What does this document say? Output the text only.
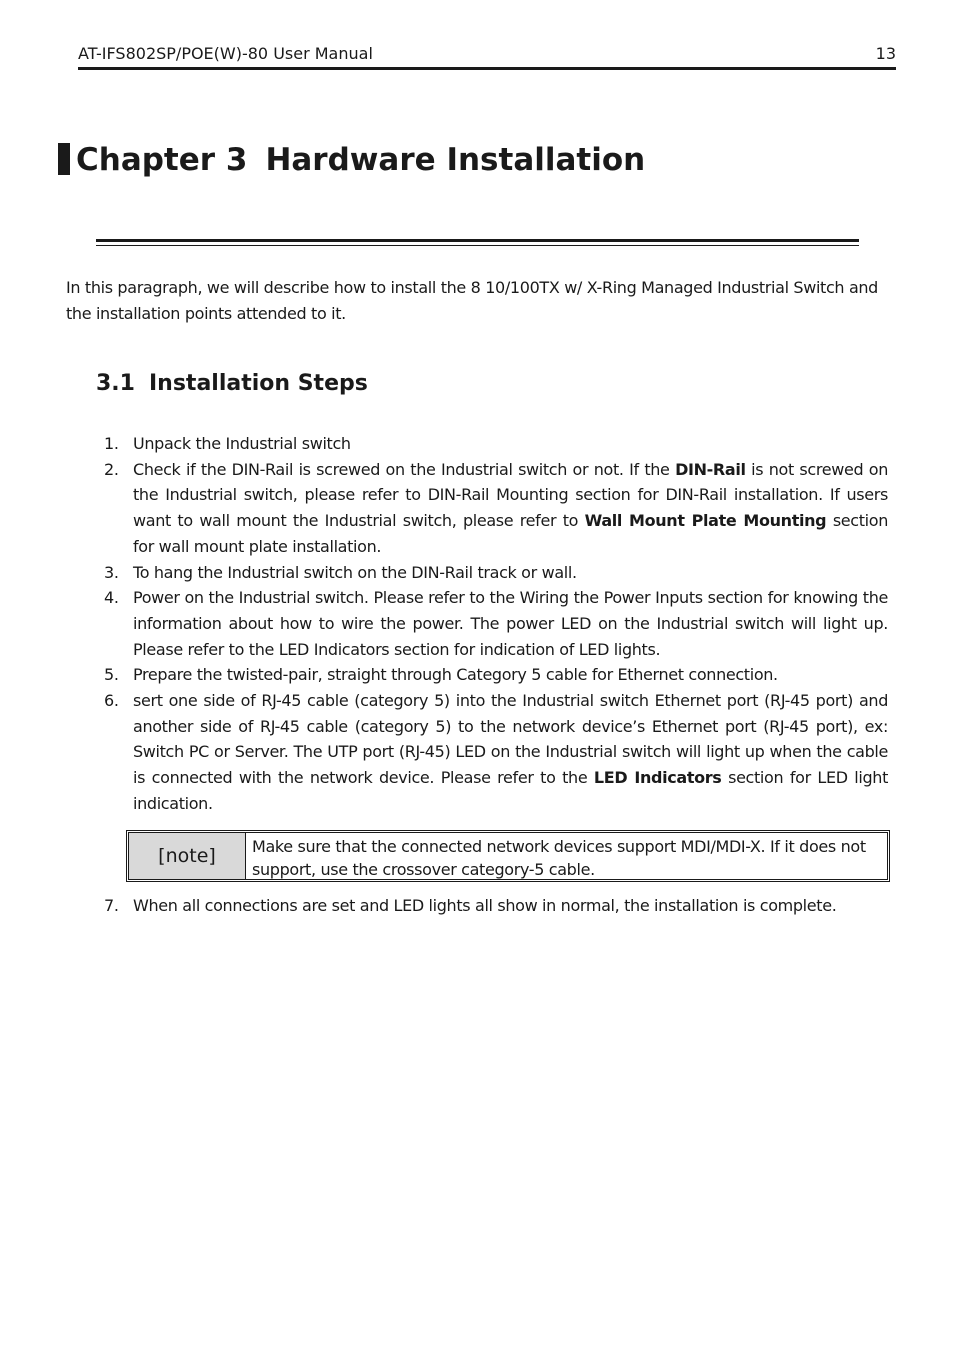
AT-IFS802SP/POE(W)-80 User Manual	13
Chapter 3 Hardware Installation

In this paragraph, we will describe how to install the 8 10/100TX w/ X-Ring Managed Industrial Switch and the installation points attended to it.

3.1 Installation Steps
1. Unpack the Industrial switch
2. Check if the DIN-Rail is screwed on the Industrial switch or not. If the DIN-Rail is not screwed on the Industrial switch, please refer to DIN-Rail Mounting section for DIN-Rail installation. If users want to wall mount the Industrial switch, please refer to Wall Mount Plate Mounting section for wall mount plate installation.
3. To hang the Industrial switch on the DIN-Rail track or wall.
4. Power on the Industrial switch. Please refer to the Wiring the Power Inputs section for knowing the information about how to wire the power. The power LED on the Industrial switch will light up. Please refer to the LED Indicators section for indication of LED lights.
5. Prepare the twisted-pair, straight through Category 5 cable for Ethernet connection.
6. sert one side of RJ-45 cable (category 5) into the Industrial switch Ethernet port (RJ-45 port) and another side of RJ-45 cable (category 5) to the network device’s Ethernet port (RJ-45 port), ex: Switch PC or Server. The UTP port (RJ-45) LED on the Industrial switch will light up when the cable is connected with the network device. Please refer to the LED Indicators section for LED light indication.
[note]	Make sure that the connected network devices support MDI/MDI-X. If it does not support, use the crossover category-5 cable.
7. When all connections are set and LED lights all show in normal, the installation is complete.
